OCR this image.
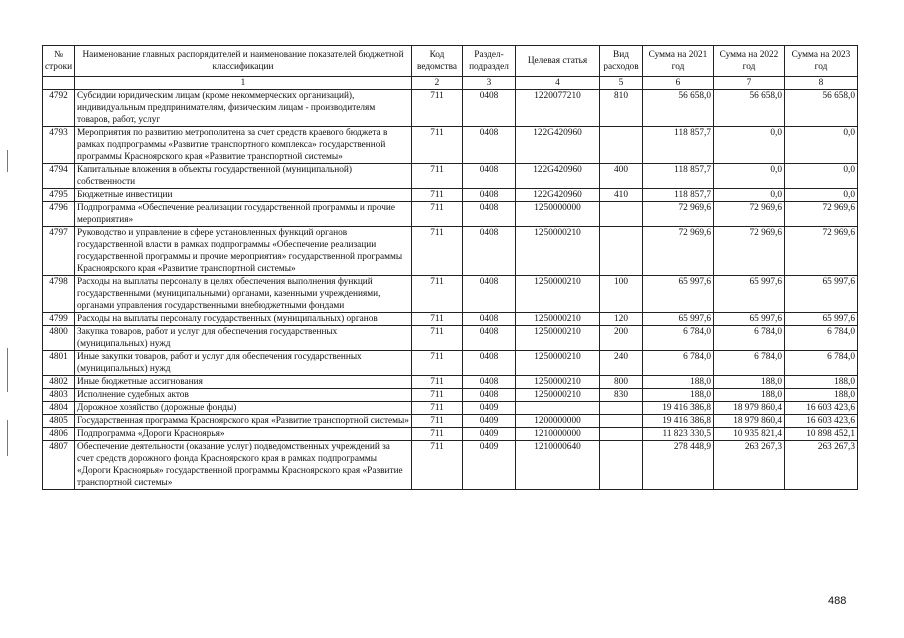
№ строки	Наименование главных распорядителей и наименование показателей бюджетной классификации	Код ведомства	Раздел-подраздел	Целевая статья	Вид расходов	Сумма на 2021 год	Сумма на 2022 год	Сумма на 2023 год
	1	2	3	4	5	6	7	8
4792	Субсидии юридическим лицам (кроме некоммерческих организаций), индивидуальным предпринимателям, физическим лицам - производителям товаров, работ, услуг	711	0408	1220077210	810	56 658,0	56 658,0	56 658,0
4793	Мероприятия по развитию метрополитена за счет средств краевого бюджета в рамках подпрограммы «Развитие транспортного комплекса» государственной программы Красноярского края «Развитие транспортной системы»	711	0408	122G420960		118 857,7	0,0	0,0
4794	Капитальные вложения в объекты государственной (муниципальной) собственности	711	0408	122G420960	400	118 857,7	0,0	0,0
4795	Бюджетные инвестиции	711	0408	122G420960	410	118 857,7	0,0	0,0
4796	Подпрограмма «Обеспечение реализации государственной программы и прочие мероприятия»	711	0408	1250000000		72 969,6	72 969,6	72 969,6
4797	Руководство и управление в сфере установленных функций органов государственной власти в рамках подпрограммы «Обеспечение реализации государственной программы и прочие мероприятия» государственной программы Красноярского края «Развитие транспортной системы»	711	0408	1250000210		72 969,6	72 969,6	72 969,6
4798	Расходы на выплаты персоналу в целях обеспечения выполнения функций государственными (муниципальными) органами, казенными учреждениями, органами управления государственными внебюджетными фондами	711	0408	1250000210	100	65 997,6	65 997,6	65 997,6
4799	Расходы на выплаты персоналу государственных (муниципальных) органов	711	0408	1250000210	120	65 997,6	65 997,6	65 997,6
4800	Закупка товаров, работ и услуг для обеспечения государственных (муниципальных) нужд	711	0408	1250000210	200	6 784,0	6 784,0	6 784,0
4801	Иные закупки товаров, работ и услуг для обеспечения государственных (муниципальных) нужд	711	0408	1250000210	240	6 784,0	6 784,0	6 784,0
4802	Иные бюджетные ассигнования	711	0408	1250000210	800	188,0	188,0	188,0
4803	Исполнение судебных актов	711	0408	1250000210	830	188,0	188,0	188,0
4804	Дорожное хозяйство (дорожные фонды)	711	0409			19 416 386,8	18 979 860,4	16 603 423,6
4805	Государственная программа Красноярского края «Развитие транспортной системы»	711	0409	1200000000		19 416 386,8	18 979 860,4	16 603 423,6
4806	Подпрограмма «Дороги Красноярья»	711	0409	1210000000		11 823 330,5	10 935 821,4	10 898 452,1
4807	Обеспечение деятельности (оказание услуг) подведомственных учреждений за счет средств дорожного фонда Красноярского края в рамках подпрограммы «Дороги Красноярья» государственной программы Красноярского края «Развитие транспортной системы»	711	0409	1210000640		278 448,9	263 267,3	263 267,3
488
